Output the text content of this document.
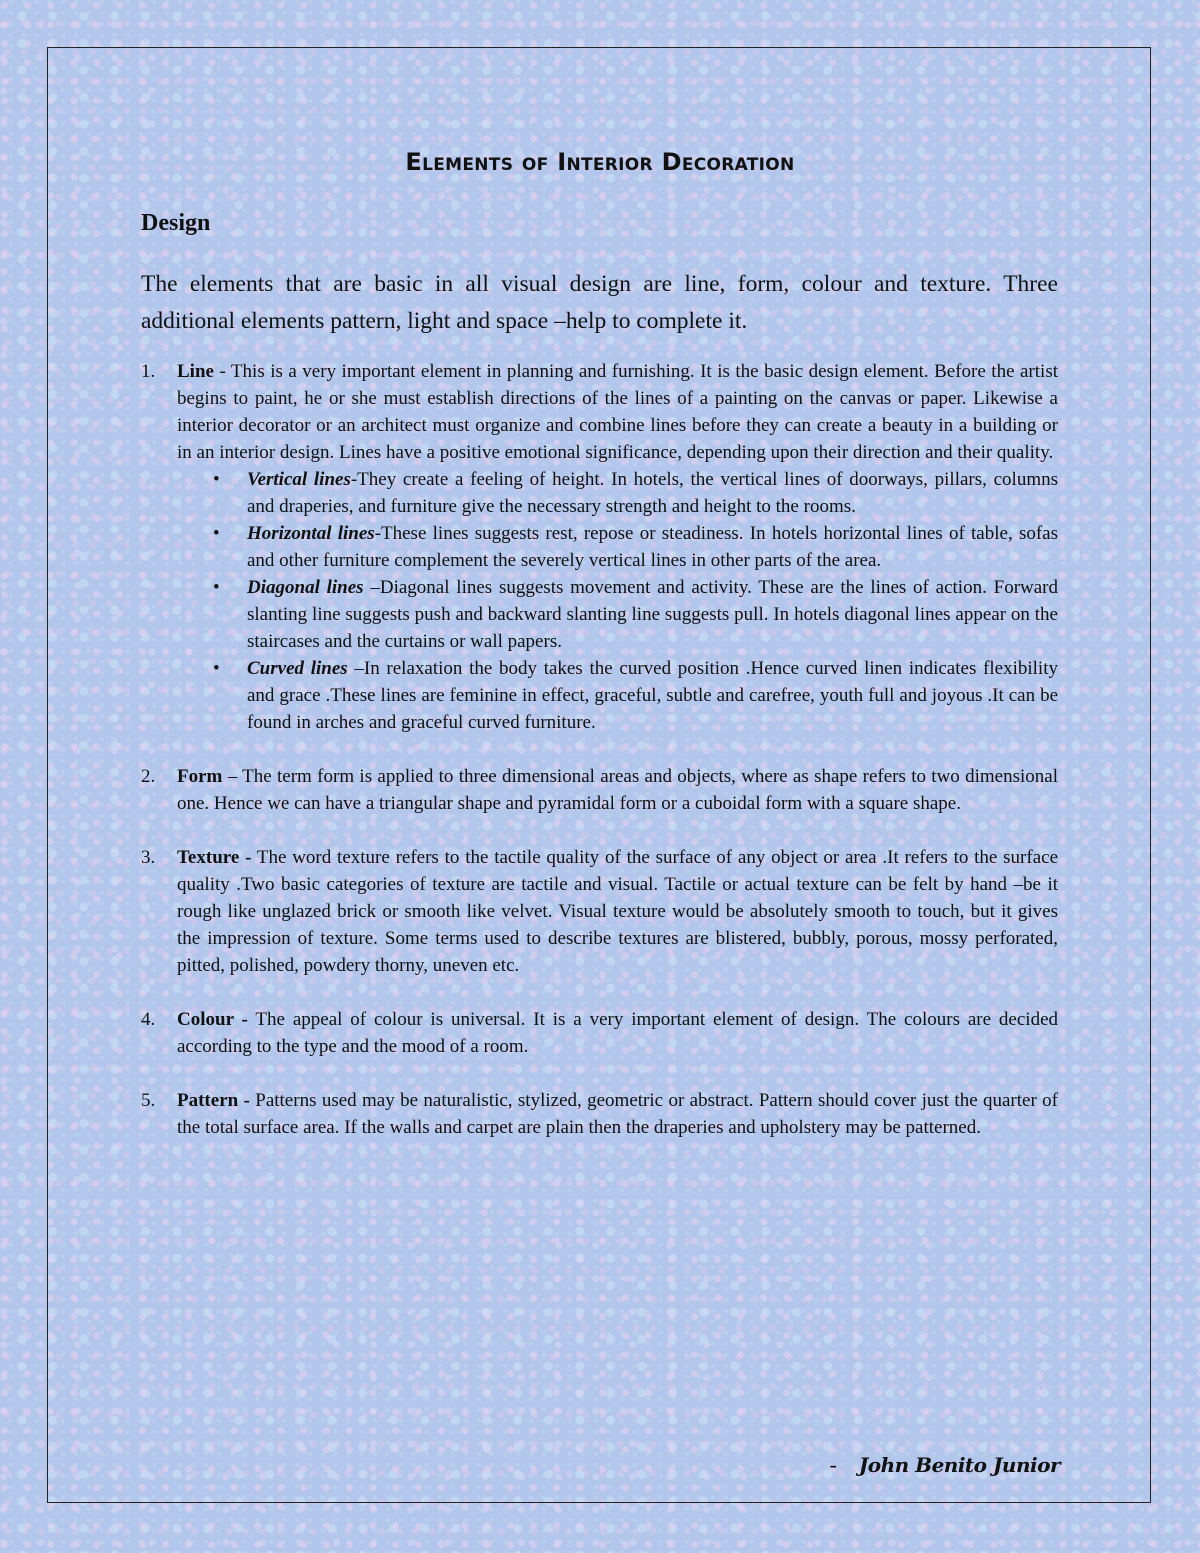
Elements of Interior Decoration
Design

The elements that are basic in all visual design are line, form, colour and texture. Three additional elements pattern, light and space –help to complete it.

1. Line - This is a very important element in planning and furnishing. It is the basic design element. Before the artist begins to paint, he or she must establish directions of the lines of a painting on the canvas or paper. Likewise a interior decorator or an architect must organize and combine lines before they can create a beauty in a building or in an interior design. Lines have a positive emotional significance, depending upon their direction and their quality.

• Vertical lines-They create a feeling of height. In hotels, the vertical lines of doorways, pillars, columns and draperies, and furniture give the necessary strength and height to the rooms.
• Horizontal lines-These lines suggests rest, repose or steadiness. In hotels horizontal lines of table, sofas and other furniture complement the severely vertical lines in other parts of the area.
• Diagonal lines –Diagonal lines suggests movement and activity. These are the lines of action. Forward slanting line suggests push and backward slanting line suggests pull. In hotels diagonal lines appear on the staircases and the curtains or wall papers.
• Curved lines –In relaxation the body takes the curved position .Hence curved linen indicates flexibility and grace .These lines are feminine in effect, graceful, subtle and carefree, youth full and joyous .It can be found in arches and graceful curved furniture.
2. Form – The term form is applied to three dimensional areas and objects, where as shape refers to two dimensional one. Hence we can have a triangular shape and pyramidal form or a cuboidal form with a square shape.

3. Texture - The word texture refers to the tactile quality of the surface of any object or area .It refers to the surface quality .Two basic categories of texture are tactile and visual. Tactile or actual texture can be felt by hand –be it rough like unglazed brick or smooth like velvet. Visual texture would be absolutely smooth to touch, but it gives the impression of texture. Some terms used to describe textures are blistered, bubbly, porous, mossy perforated, pitted, polished, powdery thorny, uneven etc.

4. Colour - The appeal of colour is universal. It is a very important element of design. The colours are decided according to the type and the mood of a room.

5. Pattern - Patterns used may be naturalistic, stylized, geometric or abstract. Pattern should cover just the quarter of the total surface area. If the walls and carpet are plain then the draperies and upholstery may be patterned.

- John Benito Junior
